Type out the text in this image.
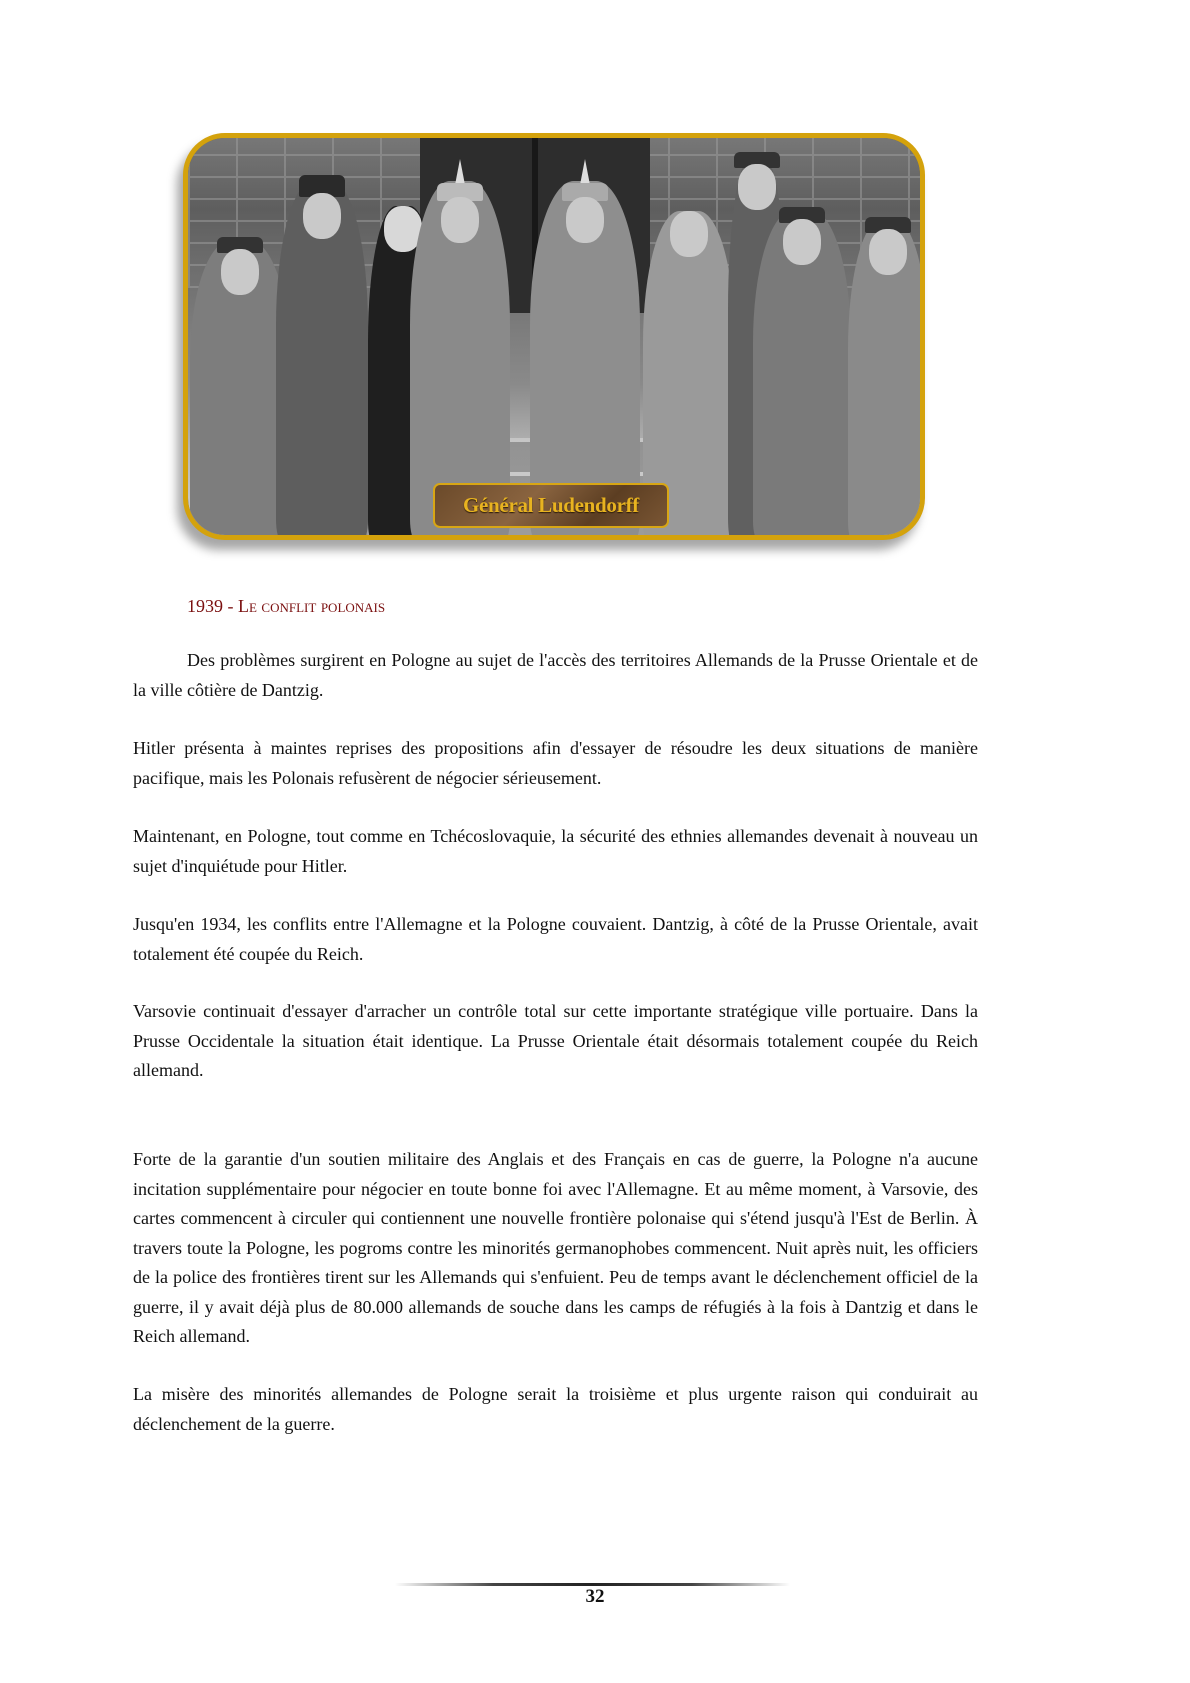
Général Ludendorff
1939 - Le conflit polonais

Des problèmes surgirent en Pologne au sujet de l'accès des territoires Allemands de la Prusse Orientale et de la ville côtière de Dantzig.

Hitler présenta à maintes reprises des propositions afin d'essayer de résoudre les deux situations de manière pacifique, mais les Polonais refusèrent de négocier sérieusement.

Maintenant, en Pologne, tout comme en Tchécoslovaquie, la sécurité des ethnies allemandes devenait à nouveau un sujet d'inquiétude pour Hitler.

Jusqu'en 1934, les conflits entre l'Allemagne et la Pologne couvaient. Dantzig, à côté de la Prusse Orientale, avait totalement été coupée du Reich.

Varsovie continuait d'essayer d'arracher un contrôle total sur cette importante stratégique ville portuaire. Dans la Prusse Occidentale la situation était identique. La Prusse Orientale était désormais totalement coupée du Reich allemand.

Forte de la garantie d'un soutien militaire des Anglais et des Français en cas de guerre, la Pologne n'a aucune incitation supplémentaire pour négocier en toute bonne foi avec l'Allemagne. Et au même moment, à Varsovie, des cartes commencent à circuler qui contiennent une nouvelle frontière polonaise qui s'étend jusqu'à l'Est de Berlin. À travers toute la Pologne, les pogroms contre les minorités germanophobes commencent. Nuit après nuit, les officiers de la police des frontières tirent sur les Allemands qui s'enfuient. Peu de temps avant le déclenchement officiel de la guerre, il y avait déjà plus de 80.000 allemands de souche dans les camps de réfugiés à la fois à Dantzig et dans le Reich allemand.

La misère des minorités allemandes de Pologne serait la troisième et plus urgente raison qui conduirait au déclenchement de la guerre.

32
